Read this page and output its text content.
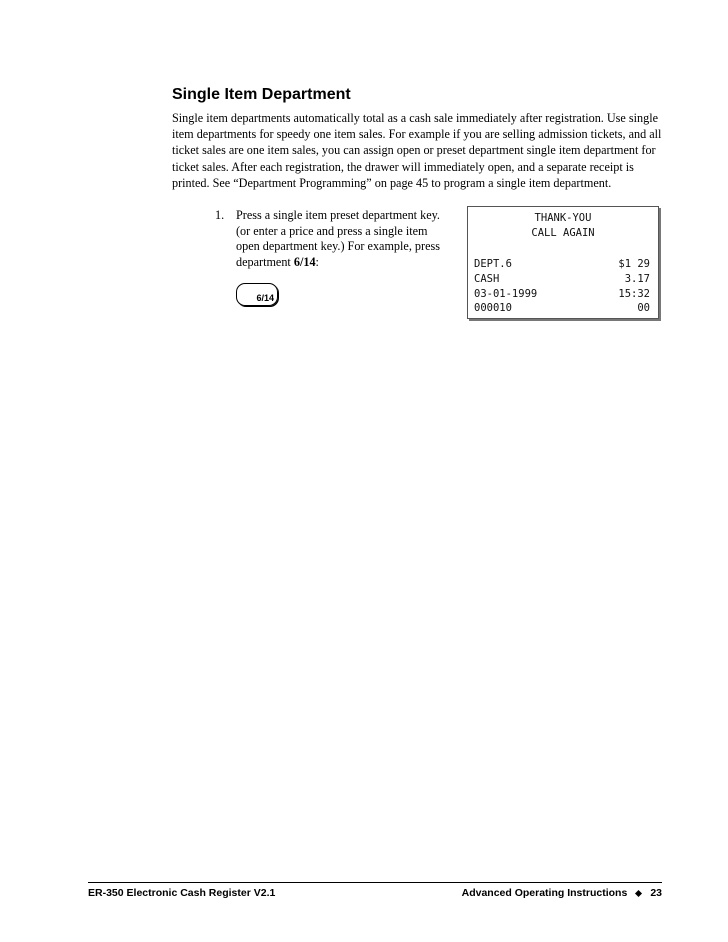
Single Item Department

Single item departments automatically total as a cash sale immediately after registration. Use single item departments for speedy one item sales. For example if you are selling admission tickets, and all ticket sales are one item sales, you can assign open or preset department single item department for ticket sales. After each registration, the drawer will immediately open, and a separate receipt is printed. See “Department Programming” on page 45 to program a single item department.

1. Press a single item preset department key. (or enter a price and press a single item open department key.) For example, press department 6/14:

6/14
THANK-YOU
CALL AGAIN
DEPT.6	$1 29
CASH	3.17
03-01-1999	15:32
000010	00
ER-350 Electronic Cash Register V2.1	Advanced Operating Instructions 23
